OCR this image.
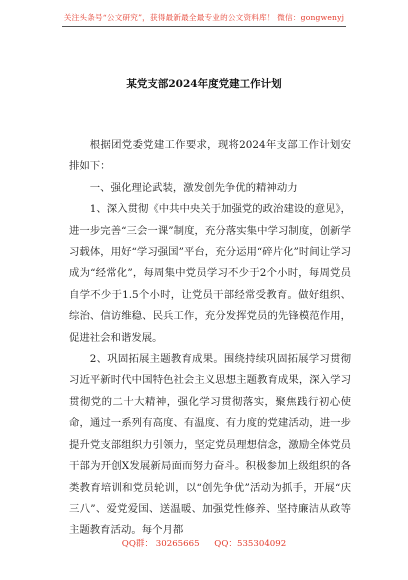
关注头条号“公文研究”，获得最新最全最专业的公文资料库！ 微信：gongwenyj
某党支部2024年度党建工作计划

根据团党委党建工作要求，现将2024年支部工作计划安排如下：

一、强化理论武装，激发创先争优的精神动力

1、深入贯彻《中共中央关于加强党的政治建设的意见》，进一步完善“三会一课”制度，充分落实集中学习制度，创新学习载体，用好“学习强国”平台，充分运用“碎片化”时间让学习成为“经常化”，每周集中党员学习不少于2个小时，每周党员自学不少于1.5个小时，让党员干部经常受教育。做好组织、综治、信访维稳、民兵工作，充分发挥党员的先锋模范作用，促进社会和谐发展。

2、巩固拓展主题教育成果。围绕持续巩固拓展学习贯彻习近平新时代中国特色社会主义思想主题教育成果，深入学习贯彻党的二十大精神，强化学习贯彻落实，聚焦践行初心使命，通过一系列有高度、有温度、有力度的党建活动，进一步提升党支部组织力引领力，坚定党员理想信念，激励全体党员干部为开创X发展新局面而努力奋斗。积极参加上级组织的各类教育培训和党员轮训，以“创先争优”活动为抓手，开展“庆三八”、爱党爱国、送温暖、加强党性修养、坚持廉洁从政等主题教育活动。每个月都

QQ群： 30265665 QQ：535304092
